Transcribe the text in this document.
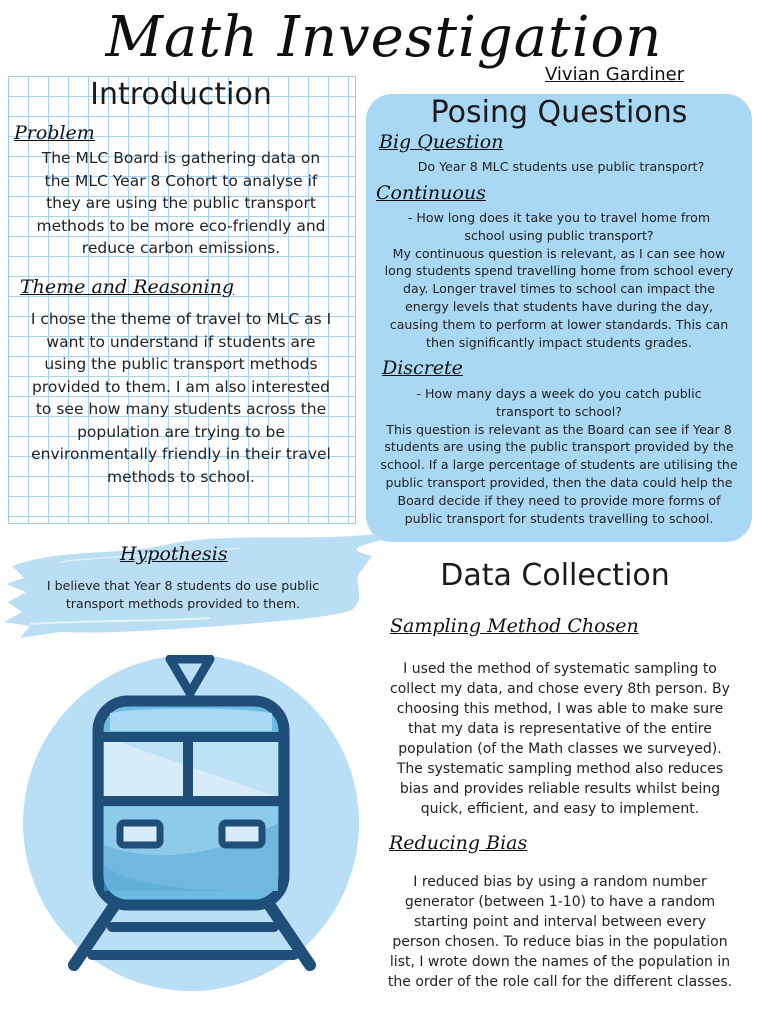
Math Investigation
Vivian Gardiner
Introduction
Problem
The MLC Board is gathering data on
the MLC Year 8 Cohort to analyse if
they are using the public transport
methods to be more eco-friendly and
reduce carbon emissions.
Theme and Reasoning
I chose the theme of travel to MLC as I
want to understand if students are
using the public transport methods
provided to them. I am also interested
to see how many students across the
population are trying to be
environmentally friendly in their travel
methods to school.
Posing Questions
Big Question
Do Year 8 MLC students use public transport?
Continuous
- How long does it take you to travel home from
school using public transport?
My continuous question is relevant, as I can see how
long students spend travelling home from school every
day. Longer travel times to school can impact the
energy levels that students have during the day,
causing them to perform at lower standards. This can
then significantly impact students grades.
Discrete
- How many days a week do you catch public
transport to school?
This question is relevant as the Board can see if Year 8
students are using the public transport provided by the
school. If a large percentage of students are utilising the
public transport provided, then the data could help the
Board decide if they need to provide more forms of
public transport for students travelling to school.
Hypothesis
I believe that Year 8 students do use public
transport methods provided to them.
Data Collection
Sampling Method Chosen
I used the method of systematic sampling to
collect my data, and chose every 8th person. By
choosing this method, I was able to make sure
that my data is representative of the entire
population (of the Math classes we surveyed).
The systematic sampling method also reduces
bias and provides reliable results whilst being
quick, efficient, and easy to implement.
Reducing Bias
I reduced bias by using a random number
generator (between 1-10) to have a random
starting point and interval between every
person chosen. To reduce bias in the population
list, I wrote down the names of the population in
the order of the role call for the different classes.
